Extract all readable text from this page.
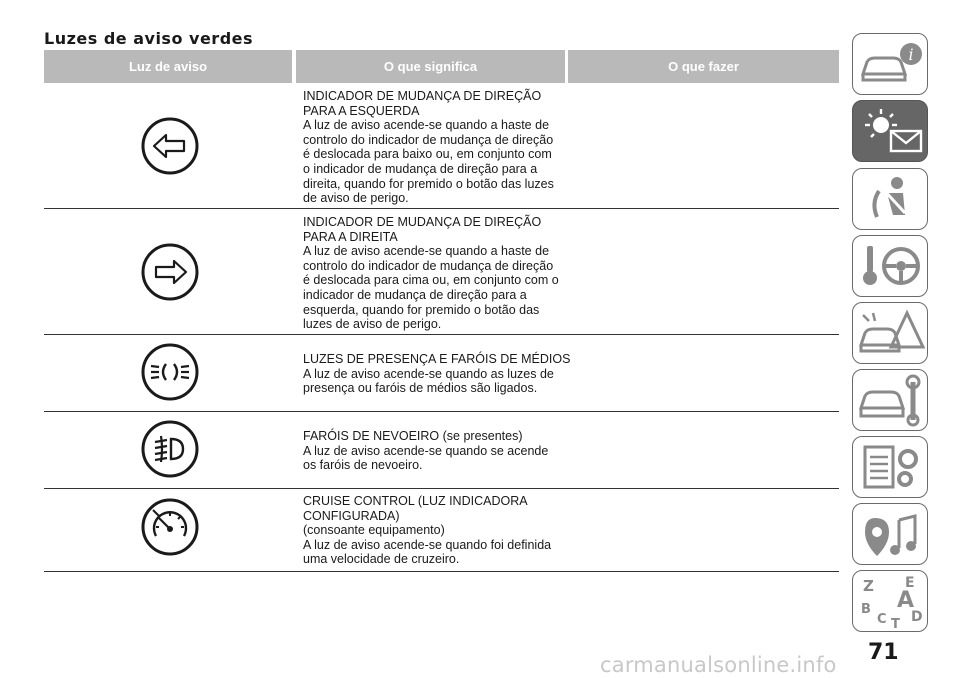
Luzes de aviso verdes
Luz de aviso	O que significa	O que fazer
INDICADOR DE MUDANÇA DE DIREÇÃO
PARA A ESQUERDA
A luz de aviso acende-se quando a haste de
controlo do indicador de mudança de direção
é deslocada para baixo ou, em conjunto com
o indicador de mudança de direção para a
direita, quando for premido o botão das luzes
de aviso de perigo.
INDICADOR DE MUDANÇA DE DIREÇÃO
PARA A DIREITA
A luz de aviso acende-se quando a haste de
controlo do indicador de mudança de direção
é deslocada para cima ou, em conjunto com o
indicador de mudança de direção para a
esquerda, quando for premido o botão das
luzes de aviso de perigo.
LUZES DE PRESENÇA E FARÓIS DE MÉDIOS
A luz de aviso acende-se quando as luzes de
presença ou faróis de médios são ligados.
FARÓIS DE NEVOEIRO (se presentes)
A luz de aviso acende-se quando se acende
os faróis de nevoeiro.
CRUISE CONTROL (LUZ INDICADORA
CONFIGURADA)
(consoante equipamento)
A luz de aviso acende-se quando foi definida
uma velocidade de cruzeiro.
i
Z E
A
B
C D
T
71
carmanualsonline.info
